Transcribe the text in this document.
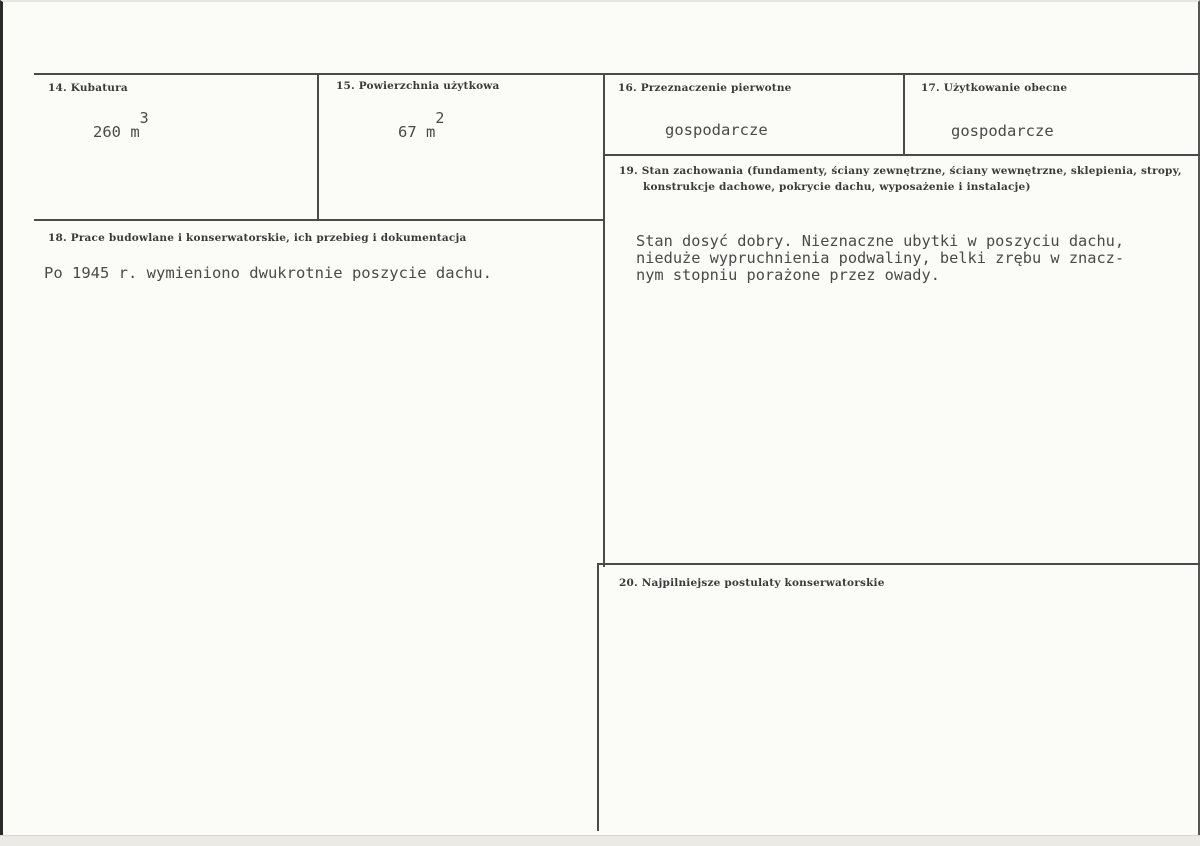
14. Kubatura
260 m3
15. Powierzchnia użytkowa
67 m2
16. Przeznaczenie pierwotne
gospodarcze
17. Użytkowanie obecne
gospodarcze
18. Prace budowlane i konserwatorskie, ich przebieg i dokumentacja
Po 1945 r. wymieniono dwukrotnie poszycie dachu.
19. Stan zachowania (fundamenty, ściany zewnętrzne, ściany wewnętrzne, sklepienia, stropy,
konstrukcje dachowe, pokrycie dachu, wyposażenie i instalacje)
Stan dosyć dobry. Nieznaczne ubytki w poszyciu dachu,
nieduże wypruchnienia podwaliny, belki zrębu w znacz-
nym stopniu porażone przez owady.
20. Najpilniejsze postulaty konserwatorskie
